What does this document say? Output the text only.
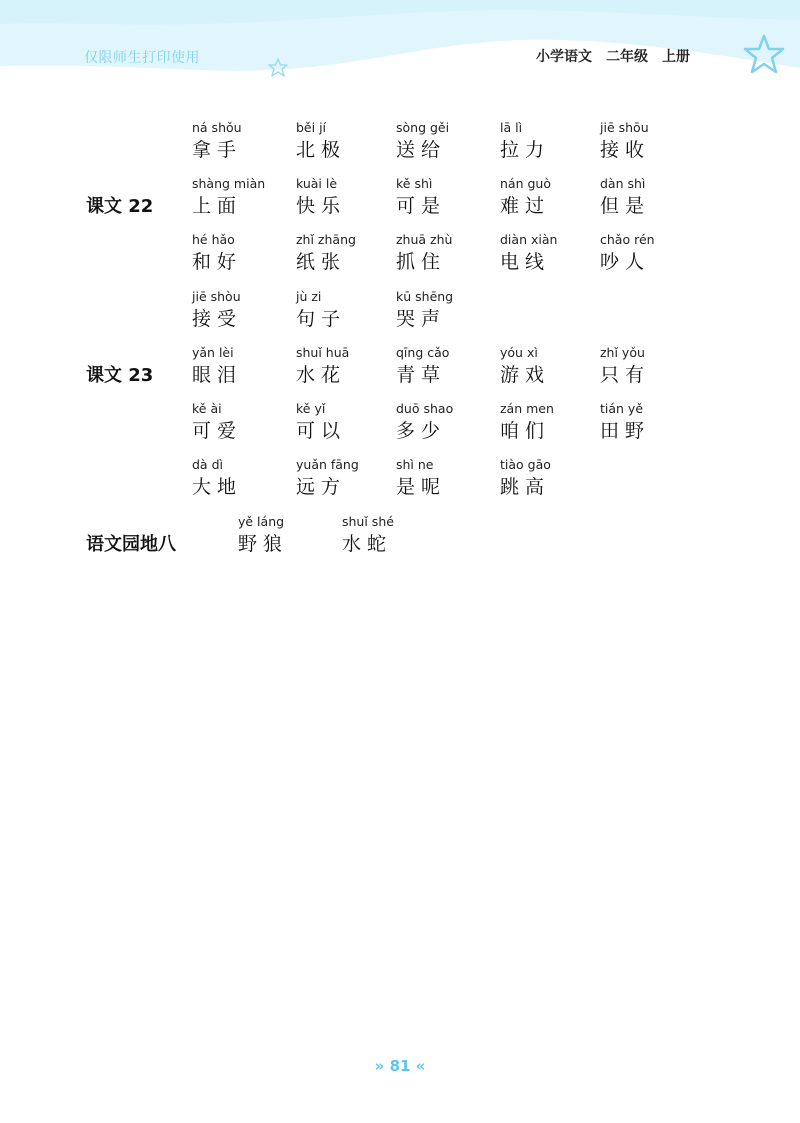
仅限师生打印使用	小学语文　二年级　上册
课文 22
ná shǒu
拿手
běi jí
北极
sòng gěi
送给
lā lì
拉力
jiē shōu
接收
shàng miàn
上面
kuài lè
快乐
kě shì
可是
nán guò
难过
dàn shì
但是
hé hǎo
和好
zhǐ zhāng
纸张
zhuā zhù
抓住
diàn xiàn
电线
chǎo rén
吵人
jiē shòu
接受
jù zi
句子
kū shēng
哭声
课文 23
yǎn lèi
眼泪
shuǐ huā
水花
qīng cǎo
青草
yóu xì
游戏
zhǐ yǒu
只有
kě ài
可爱
kě yǐ
可以
duō shao
多少
zán men
咱们
tián yě
田野
dà dì
大地
yuǎn fāng
远方
shì ne
是呢
tiào gāo
跳高
语文园地八
yě láng
野狼
shuǐ shé
水蛇
» 81 «
